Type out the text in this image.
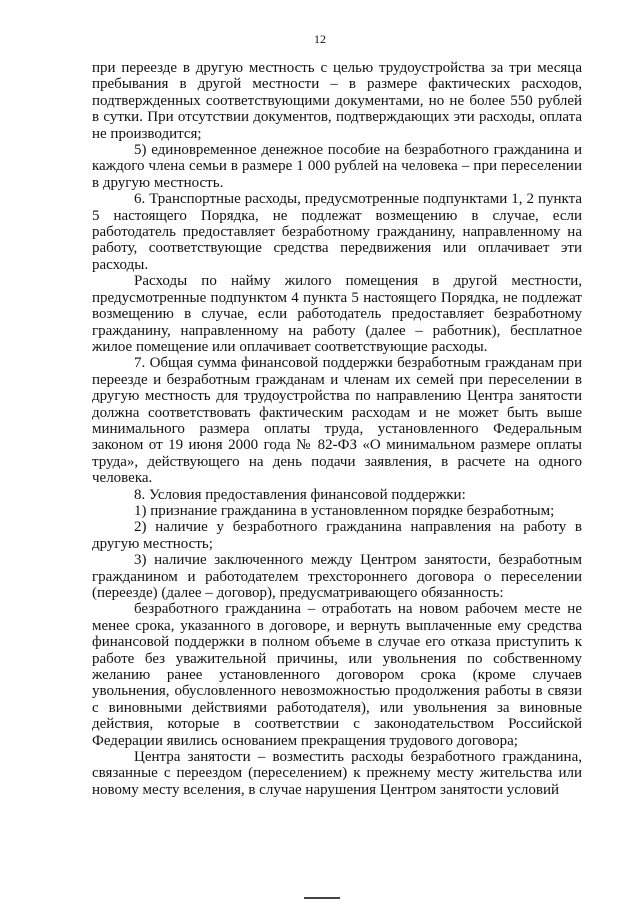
12

при переезде в другую местность с целью трудоустройства за три месяца пребывания в другой местности – в размере фактических расходов, подтвержденных соответствующими документами, но не более 550 рублей в сутки. При отсутствии документов, подтверждающих эти расходы, оплата не производится;

5) единовременное денежное пособие на безработного гражданина и каждого члена семьи в размере 1 000 рублей на человека – при переселении в другую местность.

6. Транспортные расходы, предусмотренные подпунктами 1, 2 пункта 5 настоящего Порядка, не подлежат возмещению в случае, если работодатель предоставляет безработному гражданину, направленному на работу, соответствующие средства передвижения или оплачивает эти расходы.

Расходы по найму жилого помещения в другой местности, предусмотренные подпунктом 4 пункта 5 настоящего Порядка, не подлежат возмещению в случае, если работодатель предоставляет безработному гражданину, направленному на работу (далее – работник), бесплатное жилое помещение или оплачивает соответствующие расходы.

7. Общая сумма финансовой поддержки безработным гражданам при переезде и безработным гражданам и членам их семей при переселении в другую местность для трудоустройства по направлению Центра занятости должна соответствовать фактическим расходам и не может быть выше минимального размера оплаты труда, установленного Федеральным законом от 19 июня 2000 года № 82-ФЗ «О минимальном размере оплаты труда», действующего на день подачи заявления, в расчете на одного человека.

8. Условия предоставления финансовой поддержки:

1) признание гражданина в установленном порядке безработным;

2) наличие у безработного гражданина направления на работу в другую местность;

3) наличие заключенного между Центром занятости, безработным гражданином и работодателем трехстороннего договора о переселении (переезде) (далее – договор), предусматривающего обязанность:

безработного гражданина – отработать на новом рабочем месте не менее срока, указанного в договоре, и вернуть выплаченные ему средства финансовой поддержки в полном объеме в случае его отказа приступить к работе без уважительной причины, или увольнения по собственному желанию ранее установленного договором срока (кроме случаев увольнения, обусловленного невозможностью продолжения работы в связи с виновными действиями работодателя), или увольнения за виновные действия, которые в соответствии с законодательством Российской Федерации явились основанием прекращения трудового договора;

Центра занятости – возместить расходы безработного гражданина, связанные с переездом (переселением) к прежнему месту жительства или новому месту вселения, в случае нарушения Центром занятости условий
